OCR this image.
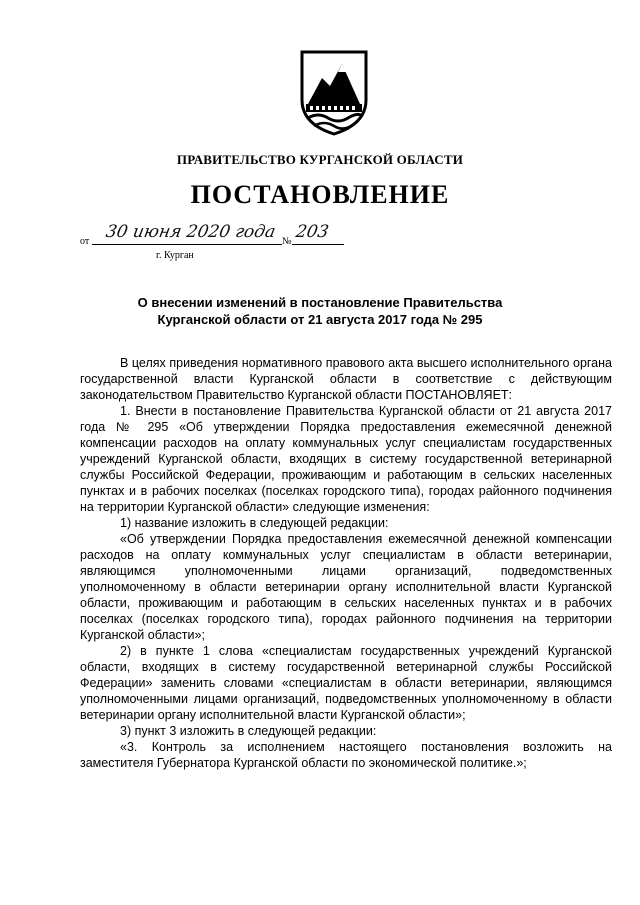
ПРАВИТЕЛЬСТВО КУРГАНСКОЙ ОБЛАСТИ
ПОСТАНОВЛЕНИЕ
от 30 июня 2020 года № 203
г. Курган
О внесении изменений в постановление Правительства
Курганской области от 21 августа 2017 года № 295

В целях приведения нормативного правового акта высшего исполнительного органа государственной власти Курганской области в соответствие с действующим законодательством Правительство Курганской области ПОСТАНОВЛЯЕТ:

1. Внести в постановление Правительства Курганской области от 21 августа 2017 года № 295 «Об утверждении Порядка предоставления ежемесячной денежной компенсации расходов на оплату коммунальных услуг специалистам государственных учреждений Курганской области, входящих в систему государственной ветеринарной службы Российской Федерации, проживающим и работающим в сельских населенных пунктах и в рабочих поселках (поселках городского типа), городах районного подчинения на территории Курганской области» следующие изменения:

1) название изложить в следующей редакции:

«Об утверждении Порядка предоставления ежемесячной денежной компенсации расходов на оплату коммунальных услуг специалистам в области ветеринарии, являющимся уполномоченными лицами организаций, подведомственных уполномоченному в области ветеринарии органу исполнительной власти Курганской области, проживающим и работающим в сельских населенных пунктах и в рабочих поселках (поселках городского типа), городах районного подчинения на территории Курганской области»;

2) в пункте 1 слова «специалистам государственных учреждений Курганской области, входящих в систему государственной ветеринарной службы Российской Федерации» заменить словами «специалистам в области ветеринарии, являющимся уполномоченными лицами организаций, подведомственных уполномоченному в области ветеринарии органу исполнительной власти Курганской области»;

3) пункт 3 изложить в следующей редакции:

«3. Контроль за исполнением настоящего постановления возложить на заместителя Губернатора Курганской области по экономической политике.»;
